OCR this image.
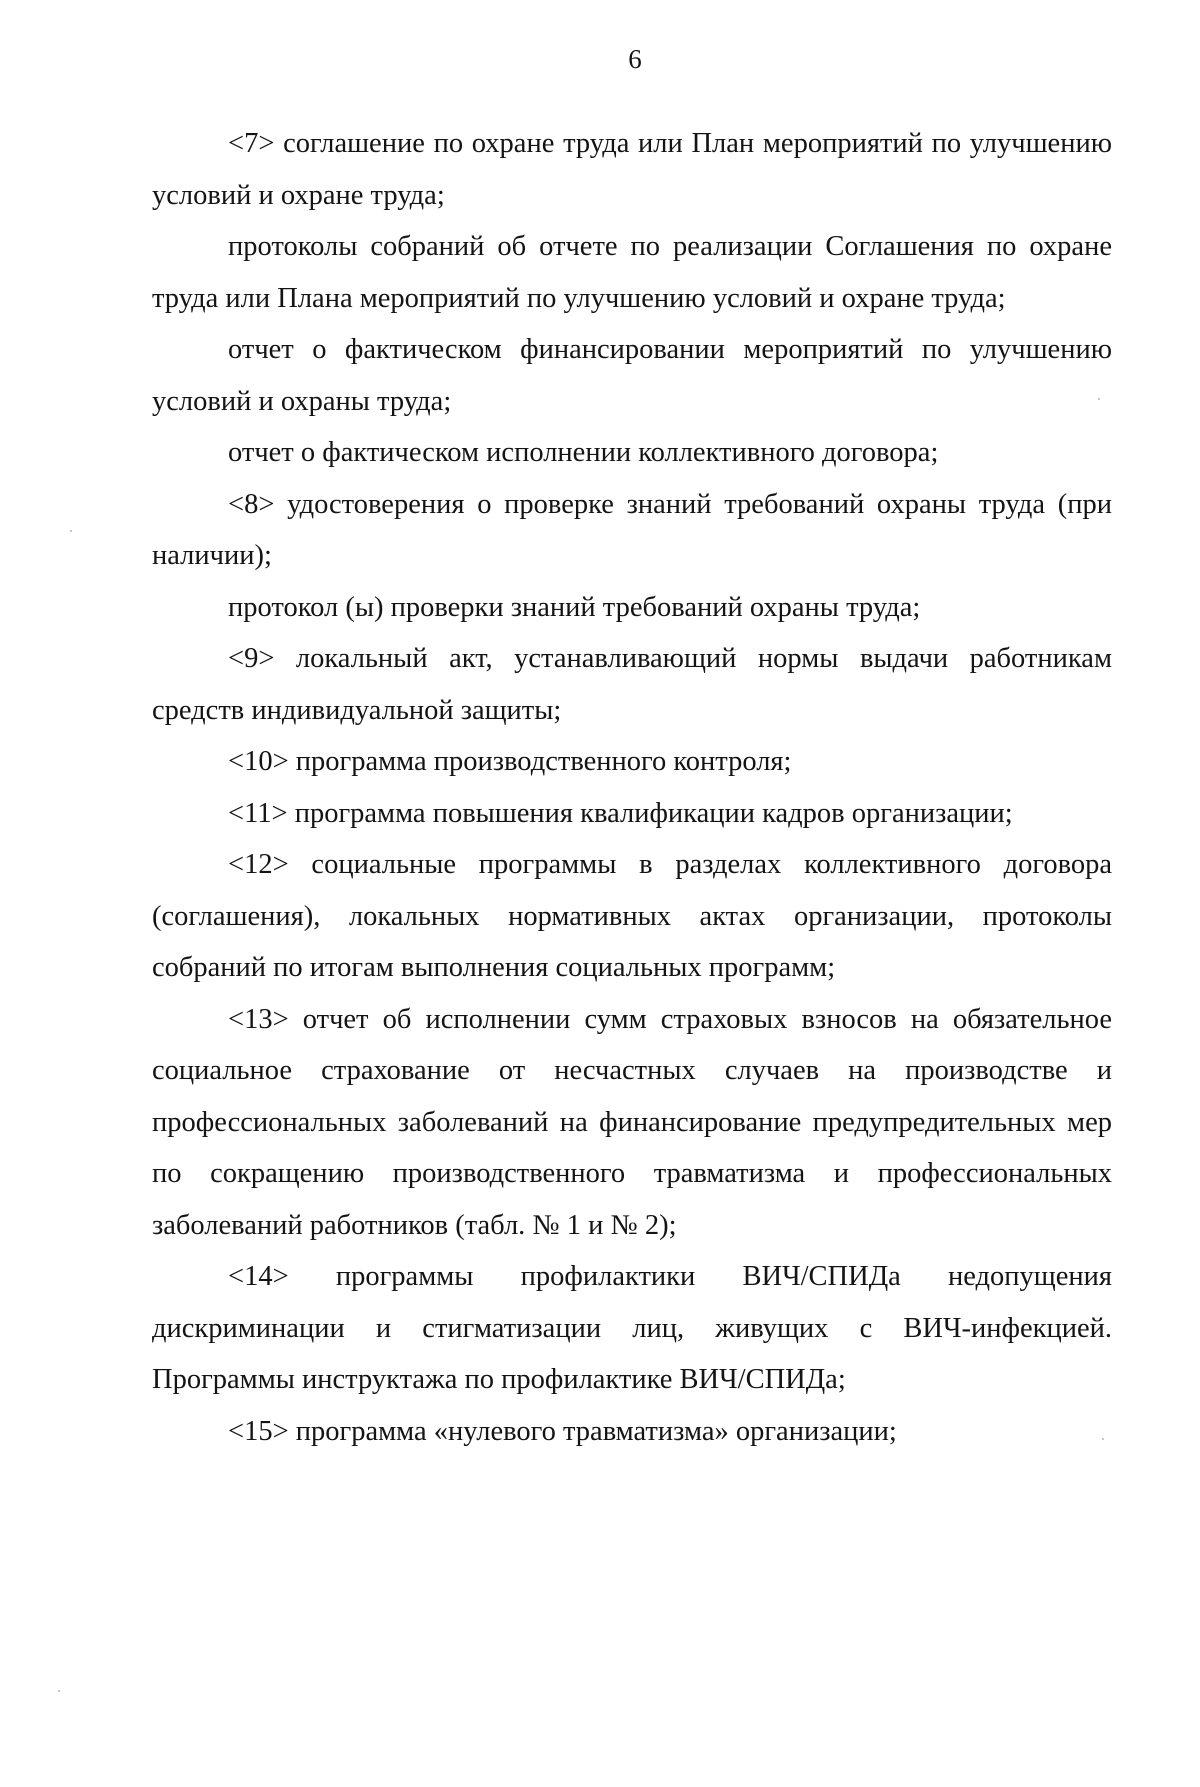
6

<7> соглашение по охране труда или План мероприятий по улучшению условий и охране труда;

протоколы собраний об отчете по реализации Соглашения по охране труда или Плана мероприятий по улучшению условий и охране труда;

отчет о фактическом финансировании мероприятий по улучшению условий и охраны труда;

отчет о фактическом исполнении коллективного договора;

<8> удостоверения о проверке знаний требований охраны труда (при наличии);

протокол (ы) проверки знаний требований охраны труда;

<9> локальный акт, устанавливающий нормы выдачи работникам средств индивидуальной защиты;

<10> программа производственного контроля;

<11> программа повышения квалификации кадров организации;

<12> социальные программы в разделах коллективного договора (соглашения), локальных нормативных актах организации, протоколы собраний по итогам выполнения социальных программ;

<13> отчет об исполнении сумм страховых взносов на обязательное социальное страхование от несчастных случаев на производстве и профессиональных заболеваний на финансирование предупредительных мер по сокращению производственного травматизма и профессиональных заболеваний работников (табл. № 1 и № 2);

<14> программы профилактики ВИЧ/СПИДа недопущения дискриминации и стигматизации лиц, живущих с ВИЧ-инфекцией. Программы инструктажа по профилактике ВИЧ/СПИДа;

<15> программа «нулевого травматизма» организации;
